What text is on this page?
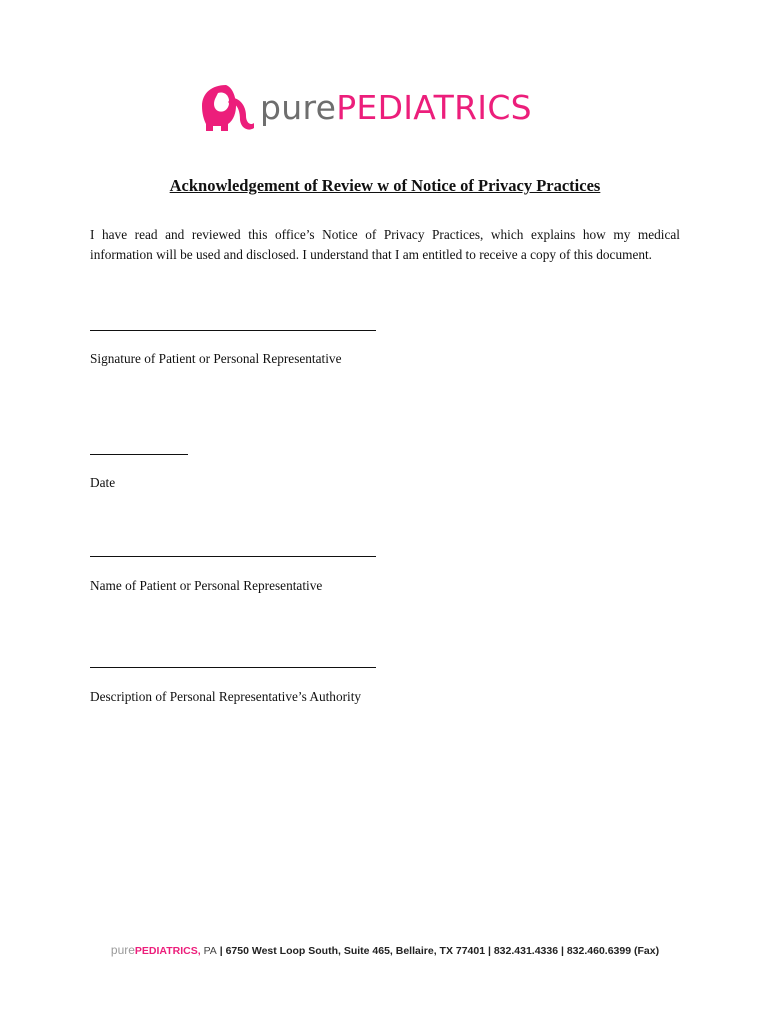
purePEDIATRICS
Acknowledgement of Review w of Notice of Privacy Practices
I have read and reviewed this office’s Notice of Privacy Practices, which explains how my medical
information will be used and disclosed. I understand that I am entitled to receive a copy of this document.
Signature of Patient or Personal Representative
Date
Name of Patient or Personal Representative
Description of Personal Representative’s Authority
purePEDIATRICS, PA | 6750 West Loop South, Suite 465, Bellaire, TX 77401 | 832.431.4336 | 832.460.6399 (Fax)
